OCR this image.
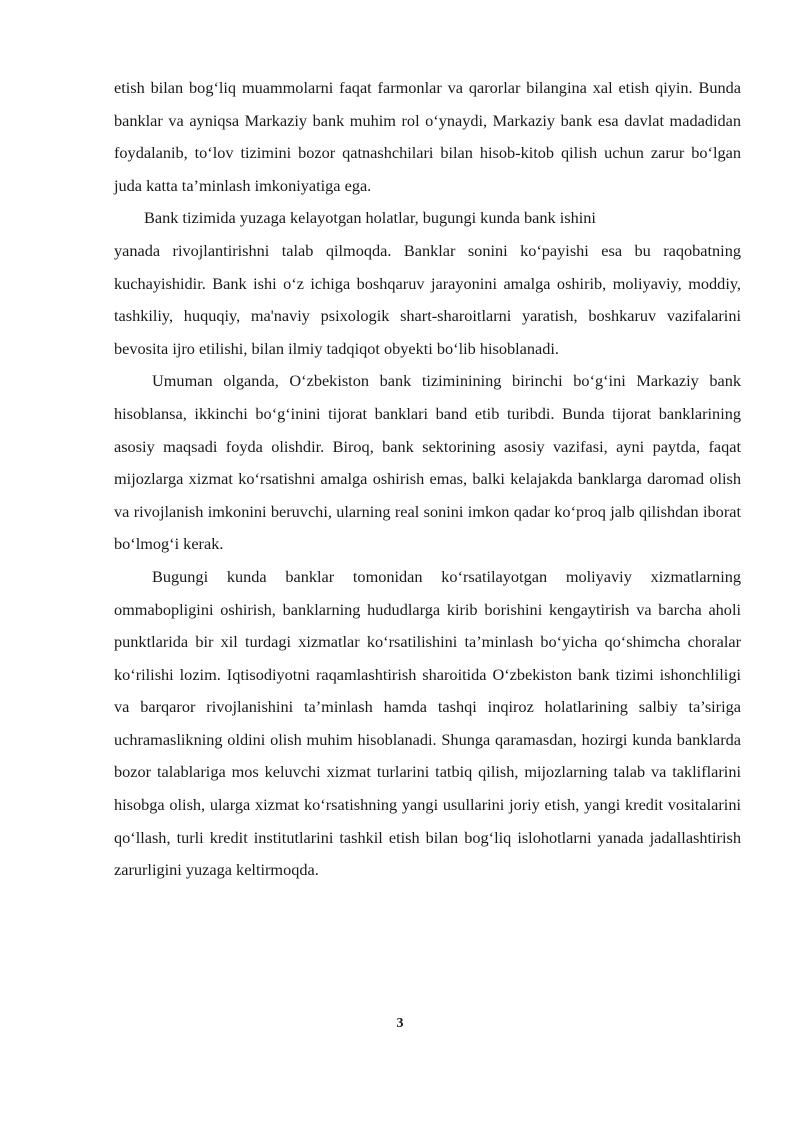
etish bilan bog‘liq muammolarni faqat farmonlar va qarorlar bilangina xal etish qiyin. Bunda banklar va ayniqsa Markaziy bank muhim rol o‘ynaydi, Markaziy bank esa davlat madadidan foydalanib, to‘lov tizimini bozor qatnashchilari bilan hisob-kitob qilish uchun zarur bo‘lgan juda katta ta’minlash imkoniyatiga ega.

Bank tizimida yuzaga kelayotgan holatlar, bugungi kunda bank ishini

yanada rivojlantirishni talab qilmoqda. Banklar sonini ko‘payishi esa bu raqobatning kuchayishidir. Bank ishi o‘z ichiga boshqaruv jarayonini amalga oshirib, moliyaviy, moddiy, tashkiliy, huquqiy, ma'naviy psixologik shart-sharoitlarni yaratish, boshkaruv vazifalarini bevosita ijro etilishi, bilan ilmiy tadqiqot obyekti bo‘lib hisoblanadi.

Umuman olganda, O‘zbekiston bank tiziminining birinchi bo‘g‘ini Markaziy bank hisoblansa, ikkinchi bo‘g‘inini tijorat banklari band etib turibdi. Bunda tijorat banklarining asosiy maqsadi foyda olishdir. Biroq, bank sektorining asosiy vazifasi, ayni paytda, faqat mijozlarga xizmat ko‘rsatishni amalga oshirish emas, balki kelajakda banklarga daromad olish va rivojlanish imkonini beruvchi, ularning real sonini imkon qadar ko‘proq jalb qilishdan iborat bo‘lmog‘i kerak.

Bugungi kunda banklar tomonidan ko‘rsatilayotgan moliyaviy xizmatlarning ommabopligini oshirish, banklarning hududlarga kirib borishini kengaytirish va barcha aholi punktlarida bir xil turdagi xizmatlar ko‘rsatilishini ta’minlash bo‘yicha qo‘shimcha choralar ko‘rilishi lozim. Iqtisodiyotni raqamlashtirish sharoitida O‘zbekiston bank tizimi ishonchliligi va barqaror rivojlanishini ta’minlash hamda tashqi inqiroz holatlarining salbiy ta’siriga uchramaslikning oldini olish muhim hisoblanadi. Shunga qaramasdan, hozirgi kunda banklarda bozor talablariga mos keluvchi xizmat turlarini tatbiq qilish, mijozlarning talab va takliflarini hisobga olish, ularga xizmat ko‘rsatishning yangi usullarini joriy etish, yangi kredit vositalarini qo‘llash, turli kredit institutlarini tashkil etish bilan bog‘liq islohotlarni yanada jadallashtirish zarurligini yuzaga keltirmoqda.

3
